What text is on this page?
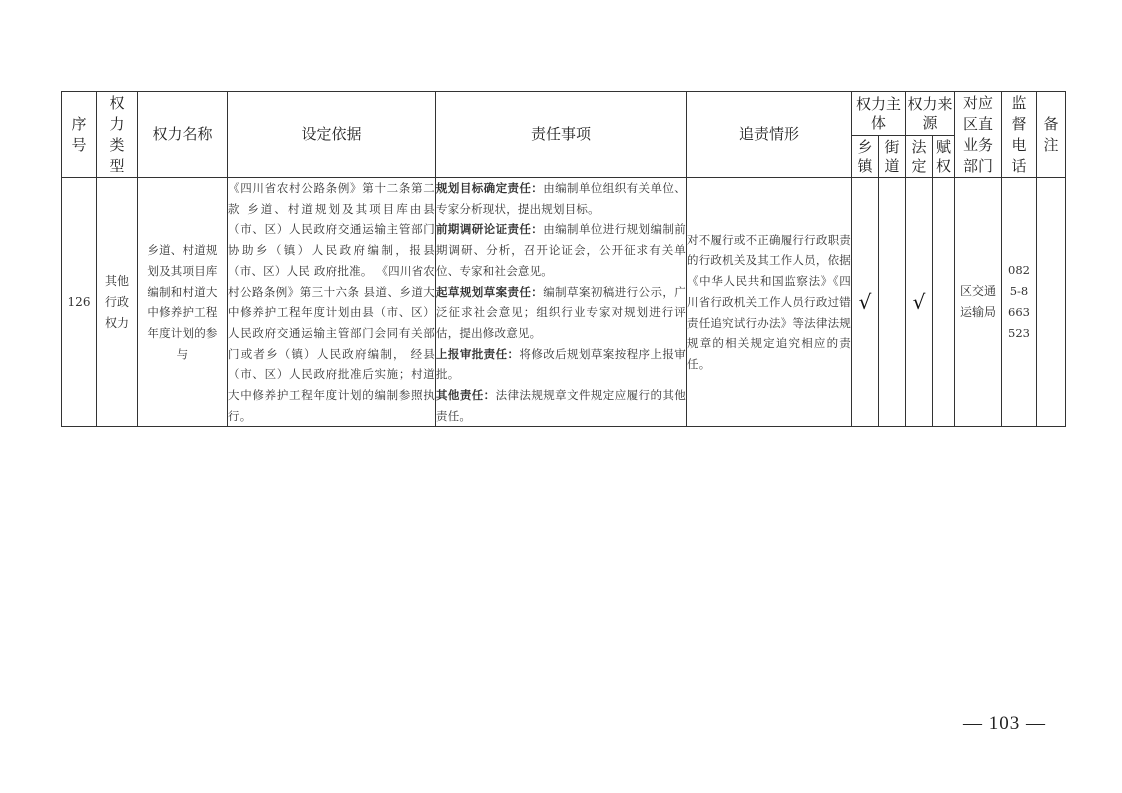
序号	权力类型	权力名称	设定依据	责任事项	追责情形	权力主体		权力来源		对应区直业务部门	监督电话	备注
						乡镇	街道	法定	赋权			
126	其他行政权力	乡道、村道规划及其项目库编制和村道大中修养护工程年度计划的参与	《四川省农村公路条例》第十二条第二款 乡道、村道规划及其项目库由县（市、区）人民政府交通运输主管部门协助乡（镇）人民政府编制，报县（市、区）人民 政府批准。 《四川省农村公路条例》第三十六条 县道、乡道大中修养护工程年度计划由县（市、区）人民政府交通运输主管部门会同有关部门或者乡（镇）人民政府编制， 经县（市、区）人民政府批准后实施；村道大中修养护工程年度计划的编制参照执行。	规划目标确定责任：由编制单位组织有关单位、专家分析现状，提出规划目标。
前期调研论证责任：由编制单位进行规划编制前期调研、分析，召开论证会，公开征求有关单位、专家和社会意见。
起草规划草案责任：编制草案初稿进行公示，广泛征求社会意见；组织行业专家对规划进行评估，提出修改意见。
上报审批责任：将修改后规划草案按程序上报审批。
其他责任：法律法规规章文件规定应履行的其他责任。	对不履行或不正确履行行政职责的行政机关及其工作人员，依据《中华人民共和国监察法》《四川省行政机关工作人员行政过错责任追究试行办法》等法律法规规章的相关规定追究相应的责任。	√		√		区交通运输局	0825-8663523	
— 103 —
